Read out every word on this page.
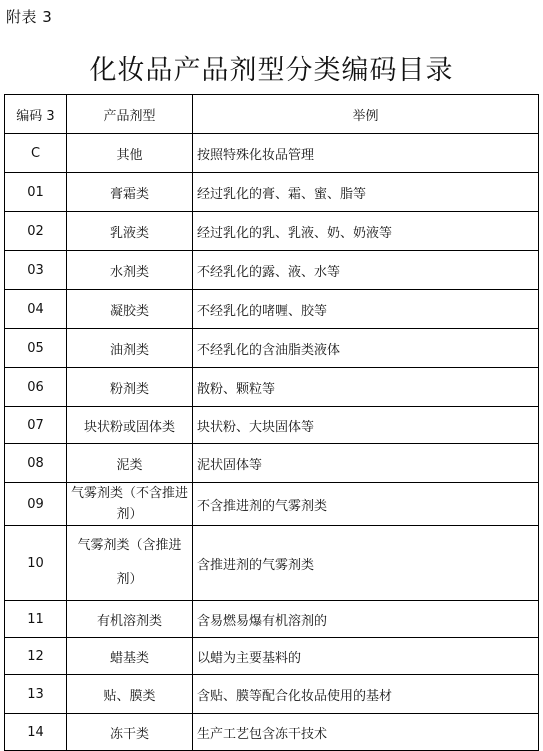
附表 3
化妆品产品剂型分类编码目录
编码 3	产品剂型	举例
C	其他	按照特殊化妆品管理
01	膏霜类	经过乳化的膏、霜、蜜、脂等
02	乳液类	经过乳化的乳、乳液、奶、奶液等
03	水剂类	不经乳化的露、液、水等
04	凝胶类	不经乳化的啫喱、胶等
05	油剂类	不经乳化的含油脂类液体
06	粉剂类	散粉、颗粒等
07	块状粉或固体类	块状粉、大块固体等
08	泥类	泥状固体等
09	气雾剂类（不含推进剂）	不含推进剂的气雾剂类
10	气雾剂类（含推进剂）	含推进剂的气雾剂类
11	有机溶剂类	含易燃易爆有机溶剂的
12	蜡基类	以蜡为主要基料的
13	贴、膜类	含贴、膜等配合化妆品使用的基材
14	冻干类	生产工艺包含冻干技术
